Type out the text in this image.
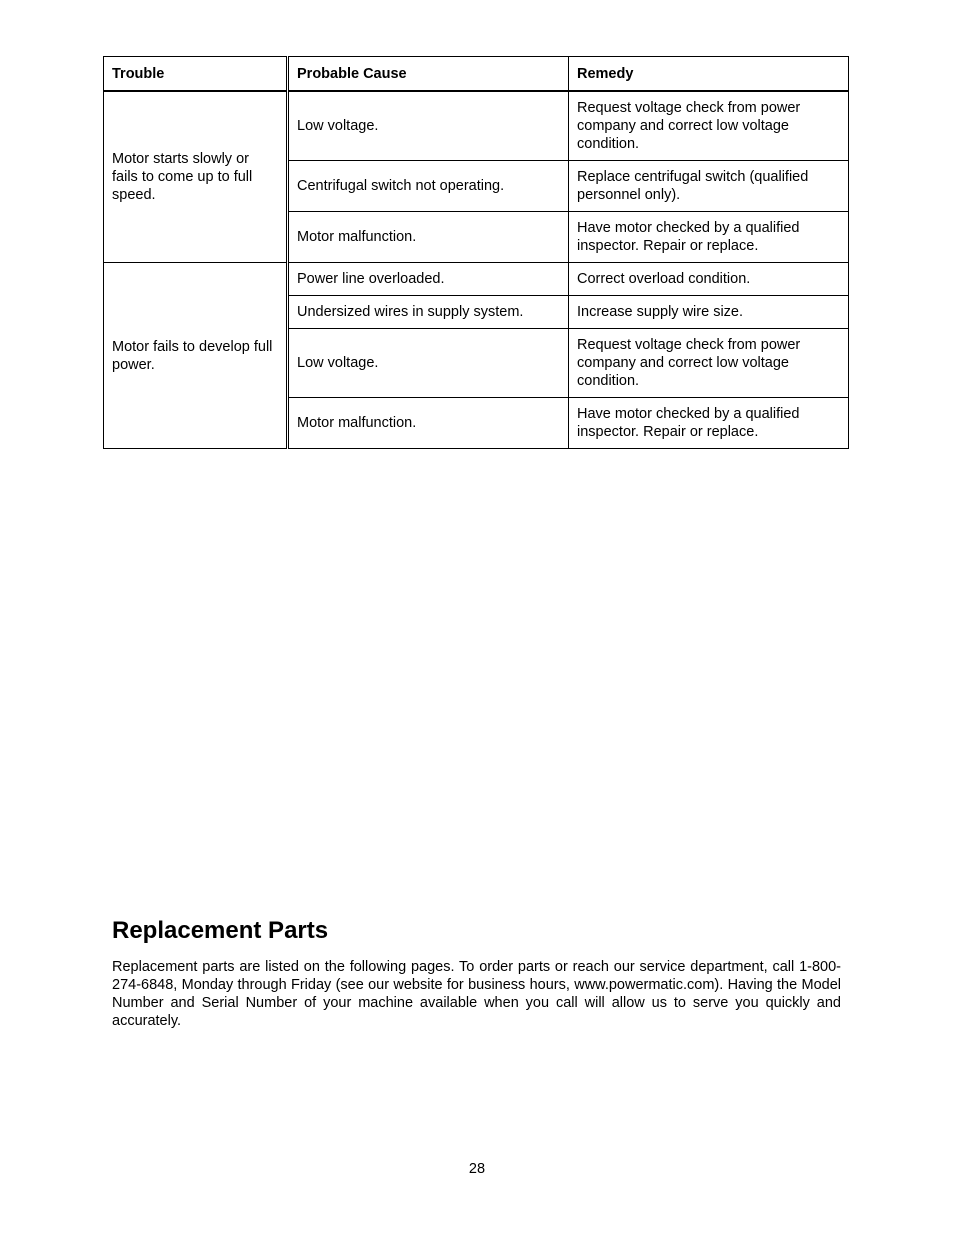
Trouble	Probable Cause	Remedy
Motor starts slowly or fails to come up to full speed.	Low voltage.	Request voltage check from power company and correct low voltage condition.
	Centrifugal switch not operating.	Replace centrifugal switch (qualified personnel only).
	Motor malfunction.	Have motor checked by a qualified inspector. Repair or replace.
Motor fails to develop full power.	Power line overloaded.	Correct overload condition.
	Undersized wires in supply system.	Increase supply wire size.
	Low voltage.	Request voltage check from power company and correct low voltage condition.
	Motor malfunction.	Have motor checked by a qualified inspector. Repair or replace.
Replacement Parts

Replacement parts are listed on the following pages. To order parts or reach our service department, call 1-800-274-6848, Monday through Friday (see our website for business hours, www.powermatic.com). Having the Model Number and Serial Number of your machine available when you call will allow us to serve you quickly and accurately.

28
